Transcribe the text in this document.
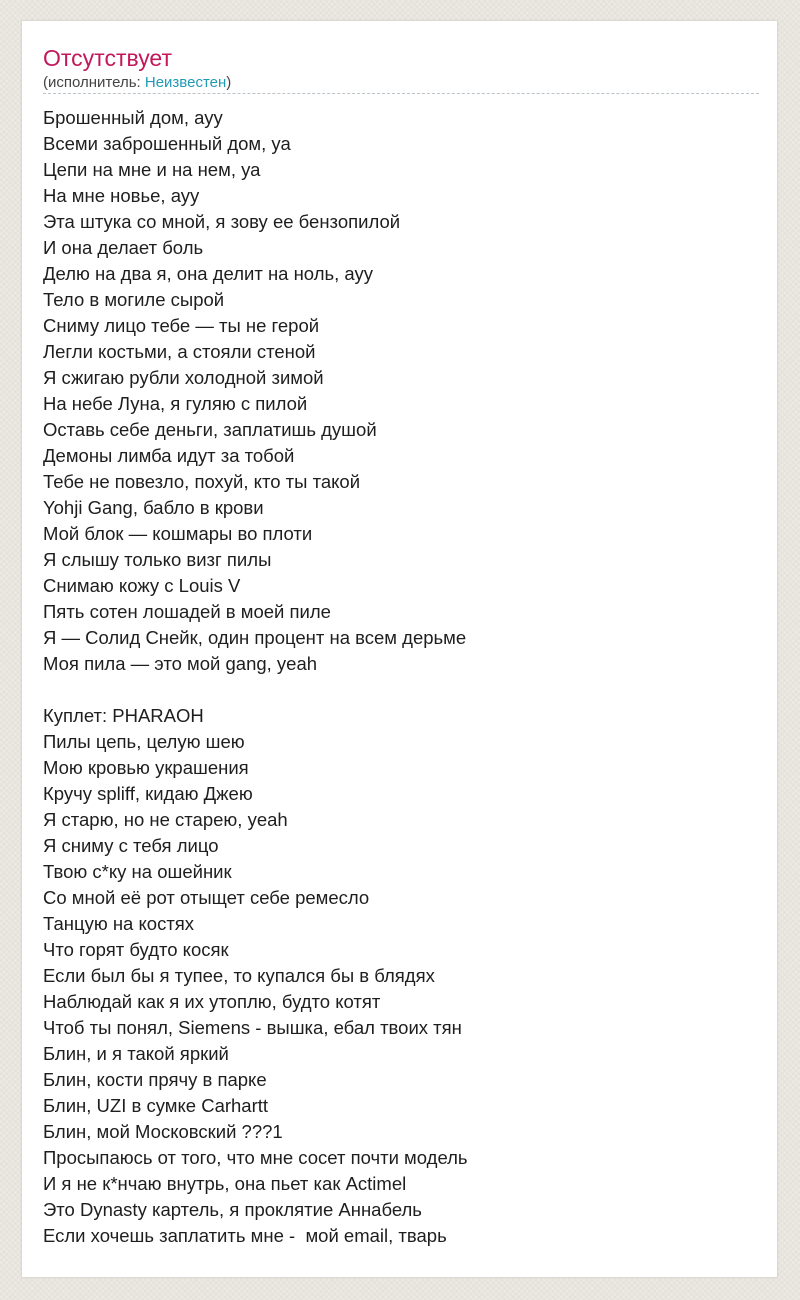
Отсутствует
(исполнитель: Неизвестен)
Брошенный дом, ауу
Всеми заброшенный дом, уа
Цепи на мне и на нем, уа
На мне новье, ауу
Эта штука со мной, я зову ее бензопилой
И она делает боль
Делю на два я, она делит на ноль, ауу
Тело в могиле сырой
Сниму лицо тебе — ты не герой
Легли костьми, а стояли стеной
Я сжигаю рубли холодной зимой
На небе Луна, я гуляю с пилой
Оставь себе деньги, заплатишь душой
Демоны лимба идут за тобой
Тебе не повезло, похуй, кто ты такой
Yohji Gang, бабло в крови
Мой блок — кошмары во плоти
Я слышу только визг пилы
Снимаю кожу с Louis V
Пять сотен лошадей в моей пиле
Я — Солид Снейк, один процент на всем дерьме
Моя пила — это мой gang, yeah
Куплет: PHARAOH
Пилы цепь, целую шею
Мою кровью украшения
Кручу spliff, кидаю Джею
Я старю, но не старею, yeah
Я сниму с тебя лицо
Твою с*ку на ошейник
Со мной её рот отыщет себе ремесло
Танцую на костях
Что горят будто косяк
Если был бы я тупее, то купался бы в блядях
Наблюдай как я их утоплю, будто котят
Чтоб ты понял, Siemens - вышка, ебал твоих тян
Блин, и я такой яркий
Блин, кости прячу в парке
Блин, UZI в сумке Carhartt
Блин, мой Московский ???1
Просыпаюсь от того, что мне сосет почти модель
И я не к*нчаю внутрь, она пьет как Actimel
Это Dynasty картель, я проклятие Аннабель
Если хочешь заплатить мне -  мой email, тварь
